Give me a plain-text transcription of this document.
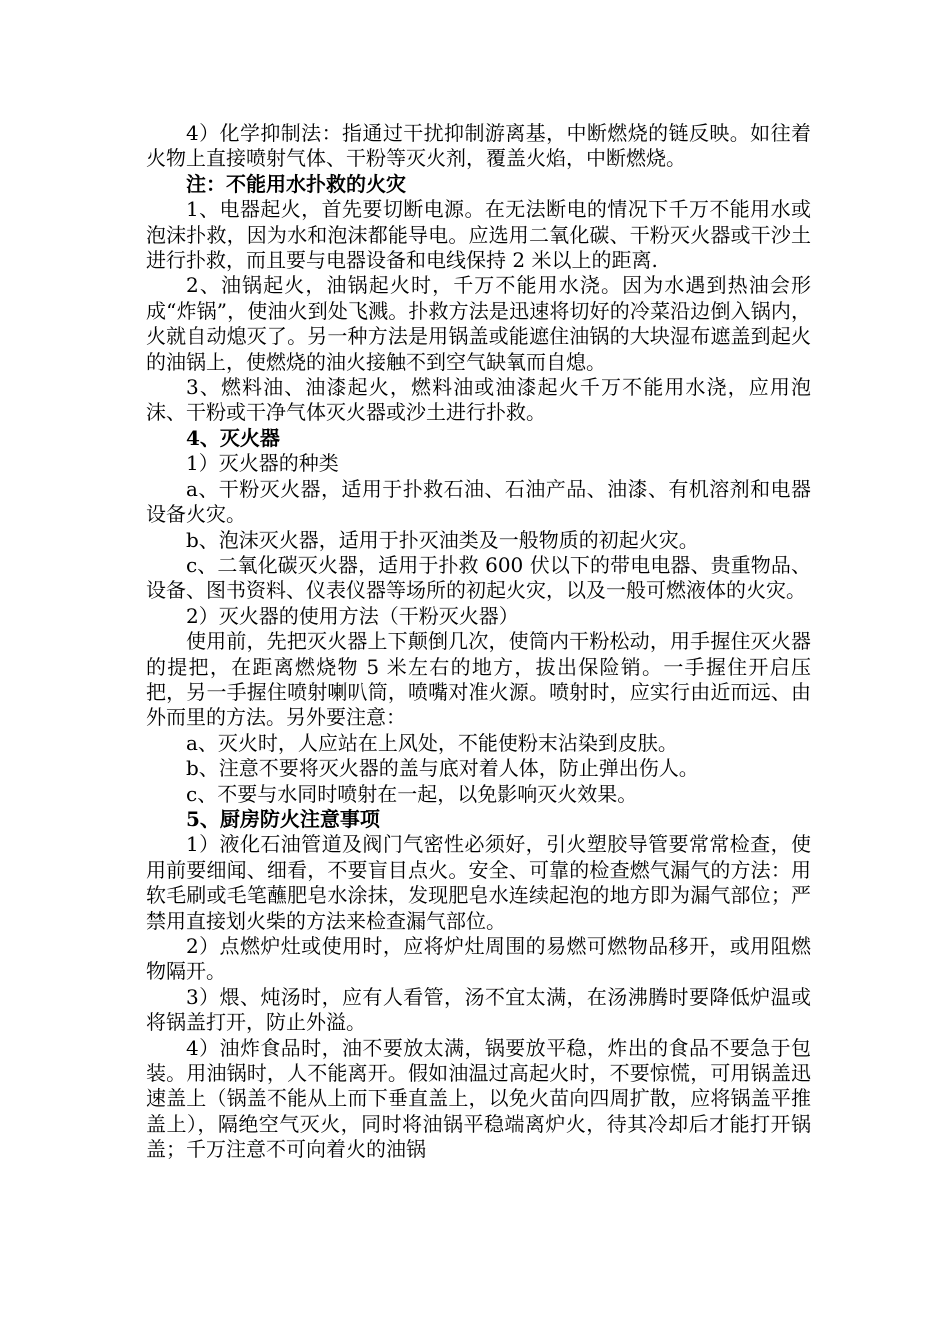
4）化学抑制法：指通过干扰抑制游离基，中断燃烧的链反映。如往着火物上直接喷射气体、干粉等灭火剂，覆盖火焰，中断燃烧。

注：不能用水扑救的火灾

1、电器起火，首先要切断电源。在无法断电的情况下千万不能用水或泡沫扑救，因为水和泡沫都能导电。应选用二氧化碳、干粉灭火器或干沙土进行扑救，而且要与电器设备和电线保持 2 米以上的距离.

2、油锅起火，油锅起火时，千万不能用水浇。因为水遇到热油会形成“炸锅”，使油火到处飞溅。扑救方法是迅速将切好的冷菜沿边倒入锅内，火就自动熄灭了。另一种方法是用锅盖或能遮住油锅的大块湿布遮盖到起火的油锅上，使燃烧的油火接触不到空气缺氧而自熄。

3、燃料油、油漆起火，燃料油或油漆起火千万不能用水浇，应用泡沫、干粉或干净气体灭火器或沙土进行扑救。

4、灭火器

1）灭火器的种类

a、干粉灭火器，适用于扑救石油、石油产品、油漆、有机溶剂和电器设备火灾。

b、泡沫灭火器，适用于扑灭油类及一般物质的初起火灾。

c、二氧化碳灭火器，适用于扑救 600 伏以下的带电电器、贵重物品、设备、图书资料、仪表仪器等场所的初起火灾，以及一般可燃液体的火灾。

2）灭火器的使用方法（干粉灭火器）

使用前，先把灭火器上下颠倒几次，使筒内干粉松动，用手握住灭火器的提把，在距离燃烧物 5 米左右的地方，拔出保险销。一手握住开启压把，另一手握住喷射喇叭筒，喷嘴对准火源。喷射时，应实行由近而远、由外而里的方法。另外要注意：

a、灭火时，人应站在上风处，不能使粉末沾染到皮肤。

b、注意不要将灭火器的盖与底对着人体，防止弹出伤人。

c、不要与水同时喷射在一起，以免影响灭火效果。

5、厨房防火注意事项

1）液化石油管道及阀门气密性必须好，引火塑胶导管要常常检查，使用前要细闻、细看，不要盲目点火。安全、可靠的检查燃气漏气的方法：用软毛刷或毛笔蘸肥皂水涂抹，发现肥皂水连续起泡的地方即为漏气部位；严禁用直接划火柴的方法来检查漏气部位。

2）点燃炉灶或使用时，应将炉灶周围的易燃可燃物品移开，或用阻燃物隔开。

3）煨、炖汤时，应有人看管，汤不宜太满，在汤沸腾时要降低炉温或将锅盖打开，防止外溢。

4）油炸食品时，油不要放太满，锅要放平稳，炸出的食品不要急于包装。用油锅时，人不能离开。假如油温过高起火时，不要惊慌，可用锅盖迅速盖上（锅盖不能从上而下垂直盖上，以免火苗向四周扩散，应将锅盖平推盖上），隔绝空气灭火，同时将油锅平稳端离炉火，待其冷却后才能打开锅盖；千万注意不可向着火的油锅
